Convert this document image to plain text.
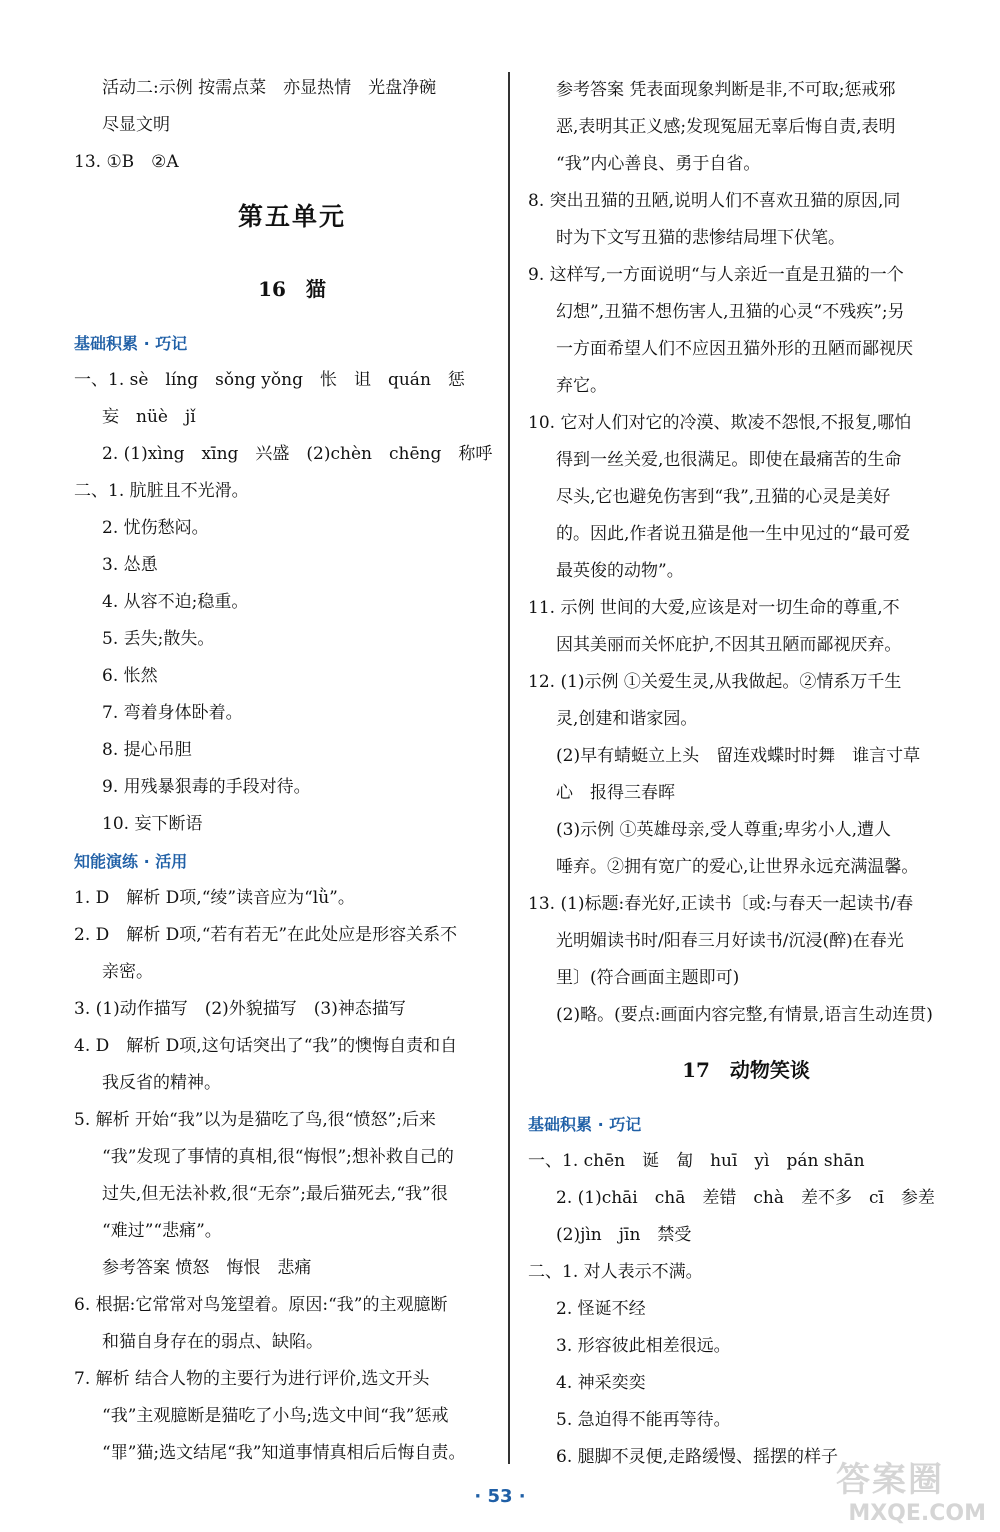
活动二:示例 按需点菜　亦显热情　光盘净碗
尽显文明
13. ①B　②A
第五单元
16　猫
基础积累 · 巧记
一、1. sè　líng　sǒng yǒng　怅　诅　quán　惩
妄　nüè　jǐ
2. (1)xìng　xīng　兴盛　(2)chèn　chēng　称呼
二、1. 肮脏且不光滑。
2. 忧伤愁闷。
3. 怂恿
4. 从容不迫;稳重。
5. 丢失;散失。
6. 怅然
7. 弯着身体卧着。
8. 提心吊胆
9. 用残暴狠毒的手段对待。
10. 妄下断语
知能演练 · 活用
1. D　解析 D项,“绫”读音应为“lǜ”。
2. D　解析 D项,“若有若无”在此处应是形容关系不
亲密。
3. (1)动作描写　(2)外貌描写　(3)神态描写
4. D　解析 D项,这句话突出了“我”的懊悔自责和自
我反省的精神。
5. 解析 开始“我”以为是猫吃了鸟,很“愤怒”;后来
“我”发现了事情的真相,很“悔恨”;想补救自己的
过失,但无法补救,很“无奈”;最后猫死去,“我”很
“难过”“悲痛”。
参考答案 愤怒　悔恨　悲痛
6. 根据:它常常对鸟笼望着。原因:“我”的主观臆断
和猫自身存在的弱点、缺陷。
7. 解析 结合人物的主要行为进行评价,选文开头
“我”主观臆断是猫吃了小鸟;选文中间“我”惩戒
“罪”猫;选文结尾“我”知道事情真相后后悔自责。
参考答案 凭表面现象判断是非,不可取;惩戒邪
恶,表明其正义感;发现冤屈无辜后悔自责,表明
“我”内心善良、勇于自省。
8. 突出丑猫的丑陋,说明人们不喜欢丑猫的原因,同
时为下文写丑猫的悲惨结局埋下伏笔。
9. 这样写,一方面说明“与人亲近一直是丑猫的一个
幻想”,丑猫不想伤害人,丑猫的心灵“不残疾”;另
一方面希望人们不应因丑猫外形的丑陋而鄙视厌
弃它。
10. 它对人们对它的冷漠、欺凌不怨恨,不报复,哪怕
得到一丝关爱,也很满足。即使在最痛苦的生命
尽头,它也避免伤害到“我”,丑猫的心灵是美好
的。因此,作者说丑猫是他一生中见过的“最可爱
最英俊的动物”。
11. 示例 世间的大爱,应该是对一切生命的尊重,不
因其美丽而关怀庇护,不因其丑陋而鄙视厌弃。
12. (1)示例 ①关爱生灵,从我做起。②情系万千生
灵,创建和谐家园。
(2)早有蜻蜓立上头　留连戏蝶时时舞　谁言寸草
心　报得三春晖
(3)示例 ①英雄母亲,受人尊重;卑劣小人,遭人
唾弃。②拥有宽广的爱心,让世界永远充满温馨。
13. (1)标题:春光好,正读书〔或:与春天一起读书/春
光明媚读书时/阳春三月好读书/沉浸(醉)在春光
里〕(符合画面主题即可)
(2)略。(要点:画面内容完整,有情景,语言生动连贯)
17　动物笑谈
基础积累 · 巧记
一、1. chēn　诞　匐　huī　yì　pán shān
2. (1)chāi　chā　差错　chà　差不多　cī　参差
(2)jìn　jīn　禁受
二、1. 对人表示不满。
2. 怪诞不经
3. 形容彼此相差很远。
4. 神采奕奕
5. 急迫得不能再等待。
6. 腿脚不灵便,走路缓慢、摇摆的样子
· 53 ·	答案圈
MXQE.COM
